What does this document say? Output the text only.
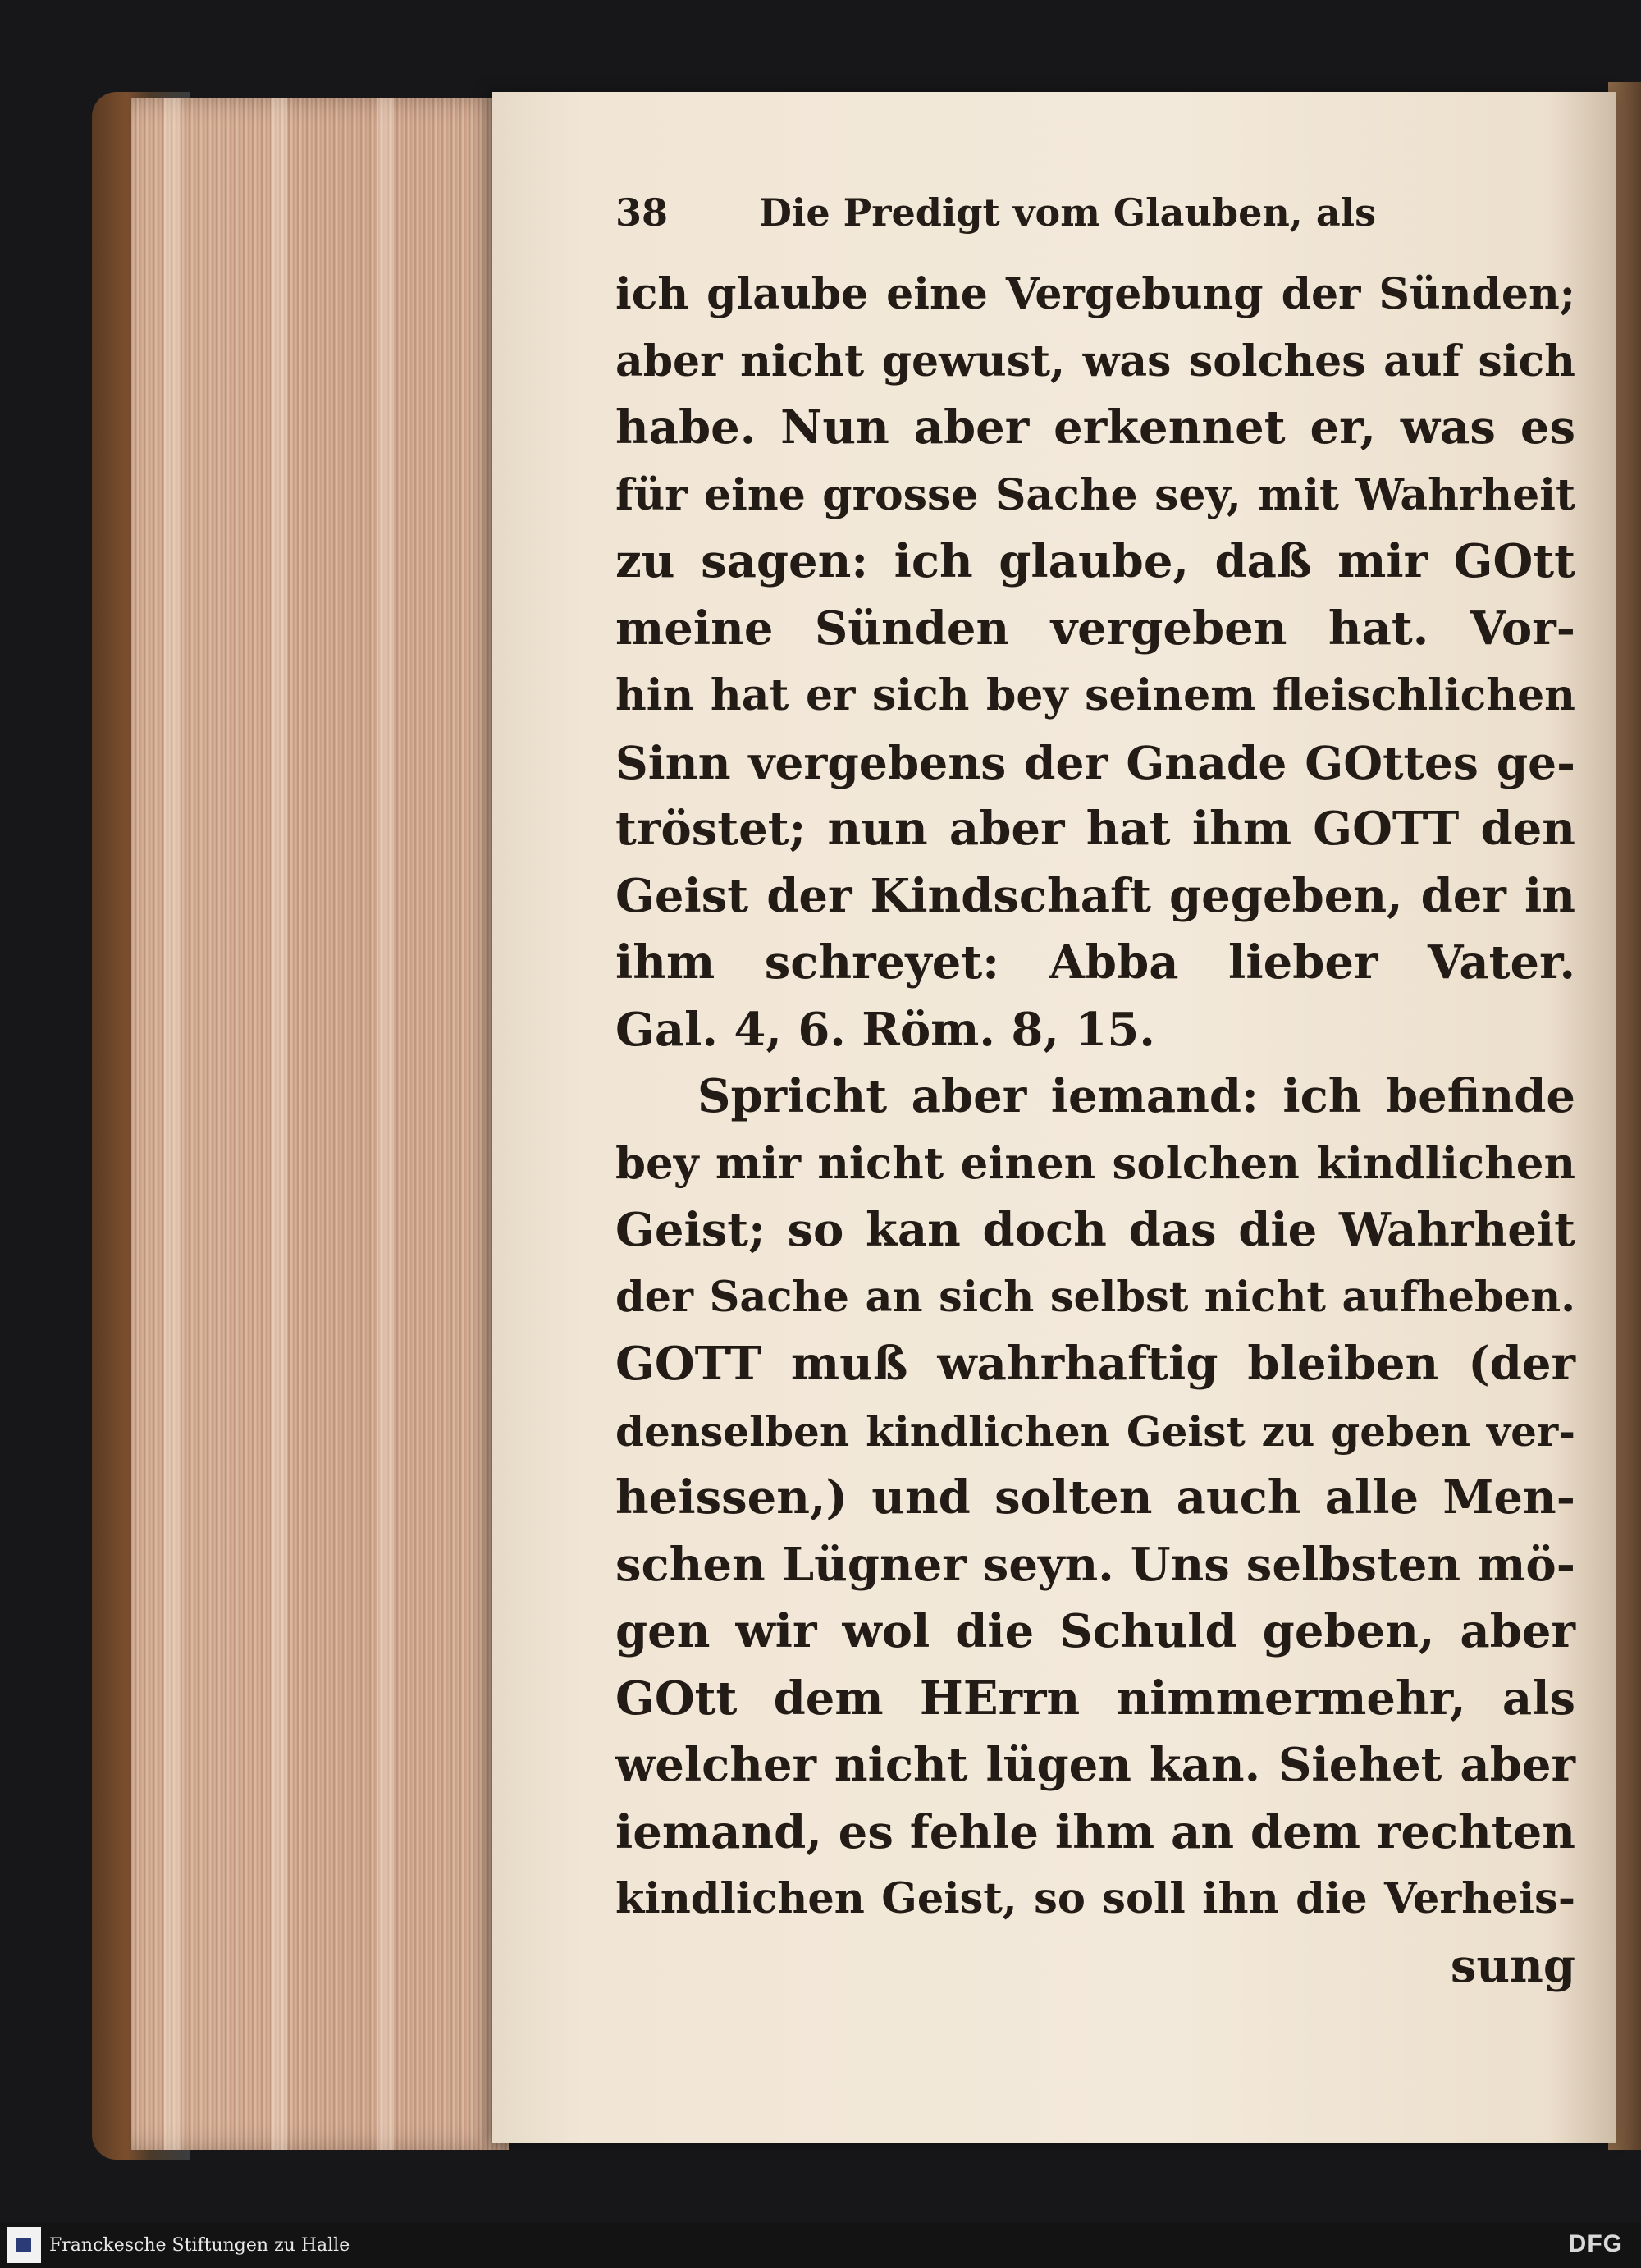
38 Die Predigt vom Glauben, als
ich glaube eine Vergebung der Sünden;
aber nicht gewust, was solches auf sich
habe. Nun aber erkennet er, was es
für eine grosse Sache sey, mit Wahrheit
zu sagen: ich glaube, daß mir GOtt
meine Sünden vergeben hat. Vor-
hin hat er sich bey seinem fleischlichen
Sinn vergebens der Gnade GOttes ge-
tröstet; nun aber hat ihm GOTT den
Geist der Kindschaft gegeben, der in
ihm schreyet: Abba lieber Vater.
Gal. 4, 6. Röm. 8, 15.
Spricht aber iemand: ich befinde
bey mir nicht einen solchen kindlichen
Geist; so kan doch das die Wahrheit
der Sache an sich selbst nicht aufheben.
GOTT muß wahrhaftig bleiben (der
denselben kindlichen Geist zu geben ver-
heissen,) und solten auch alle Men-
schen Lügner seyn. Uns selbsten mö-
gen wir wol die Schuld geben, aber
GOtt dem HErrn nimmermehr, als
welcher nicht lügen kan. Siehet aber
iemand, es fehle ihm an dem rechten
kindlichen Geist, so soll ihn die Verheis-
sung
Franckesche Stiftungen zu Halle	DFG
